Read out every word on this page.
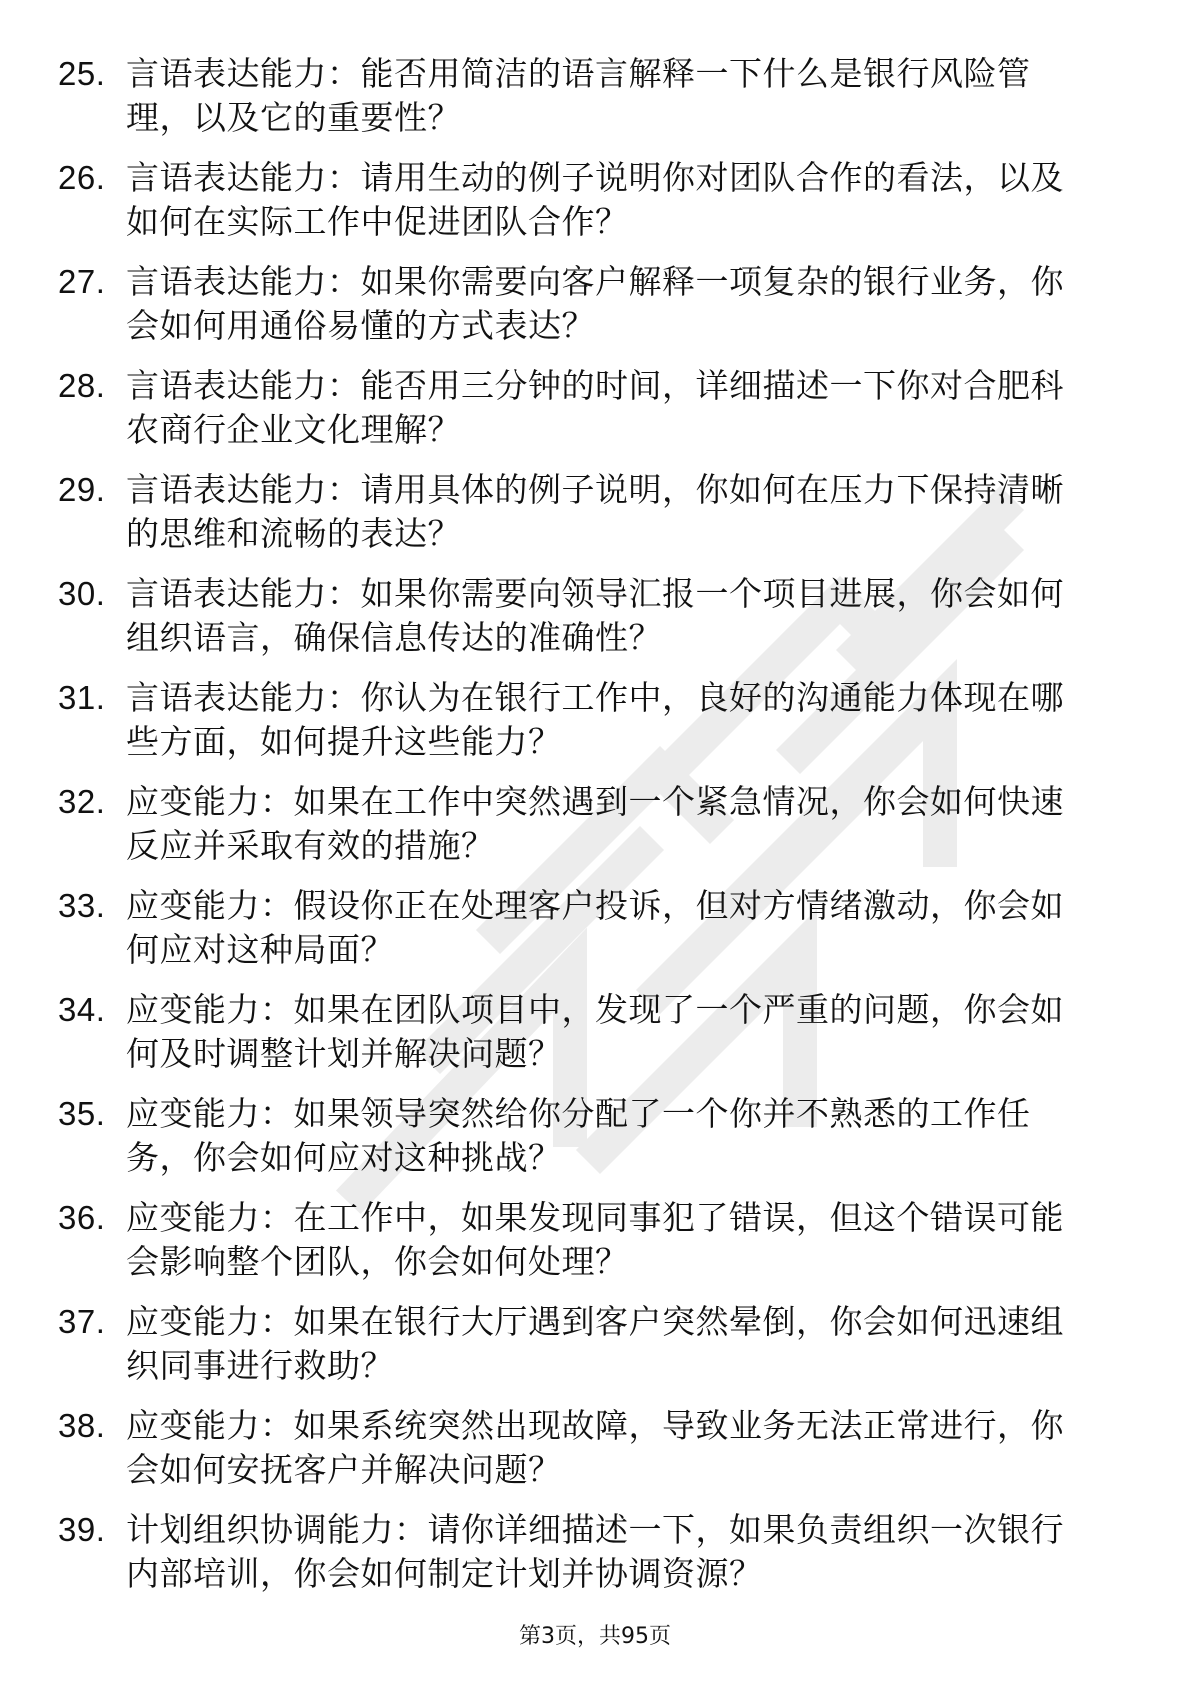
25. 言语表达能力：能否用简洁的语言解释一下什么是银行风险管
理，以及它的重要性？
26. 言语表达能力：请用生动的例子说明你对团队合作的看法，以及
如何在实际工作中促进团队合作？
27. 言语表达能力：如果你需要向客户解释一项复杂的银行业务，你
会如何用通俗易懂的方式表达？
28. 言语表达能力：能否用三分钟的时间，详细描述一下你对合肥科
农商行企业文化理解？
29. 言语表达能力：请用具体的例子说明，你如何在压力下保持清晰
的思维和流畅的表达？
30. 言语表达能力：如果你需要向领导汇报一个项目进展，你会如何
组织语言，确保信息传达的准确性？
31. 言语表达能力：你认为在银行工作中，良好的沟通能力体现在哪
些方面，如何提升这些能力？
32. 应变能力：如果在工作中突然遇到一个紧急情况，你会如何快速
反应并采取有效的措施？
33. 应变能力：假设你正在处理客户投诉，但对方情绪激动，你会如
何应对这种局面？
34. 应变能力：如果在团队项目中，发现了一个严重的问题，你会如
何及时调整计划并解决问题？
35. 应变能力：如果领导突然给你分配了一个你并不熟悉的工作任
务，你会如何应对这种挑战？
36. 应变能力：在工作中，如果发现同事犯了错误，但这个错误可能
会影响整个团队，你会如何处理？
37. 应变能力：如果在银行大厅遇到客户突然晕倒，你会如何迅速组
织同事进行救助？
38. 应变能力：如果系统突然出现故障，导致业务无法正常进行，你
会如何安抚客户并解决问题？
39. 计划组织协调能力：请你详细描述一下，如果负责组织一次银行
内部培训，你会如何制定计划并协调资源？
第3页，共95页
